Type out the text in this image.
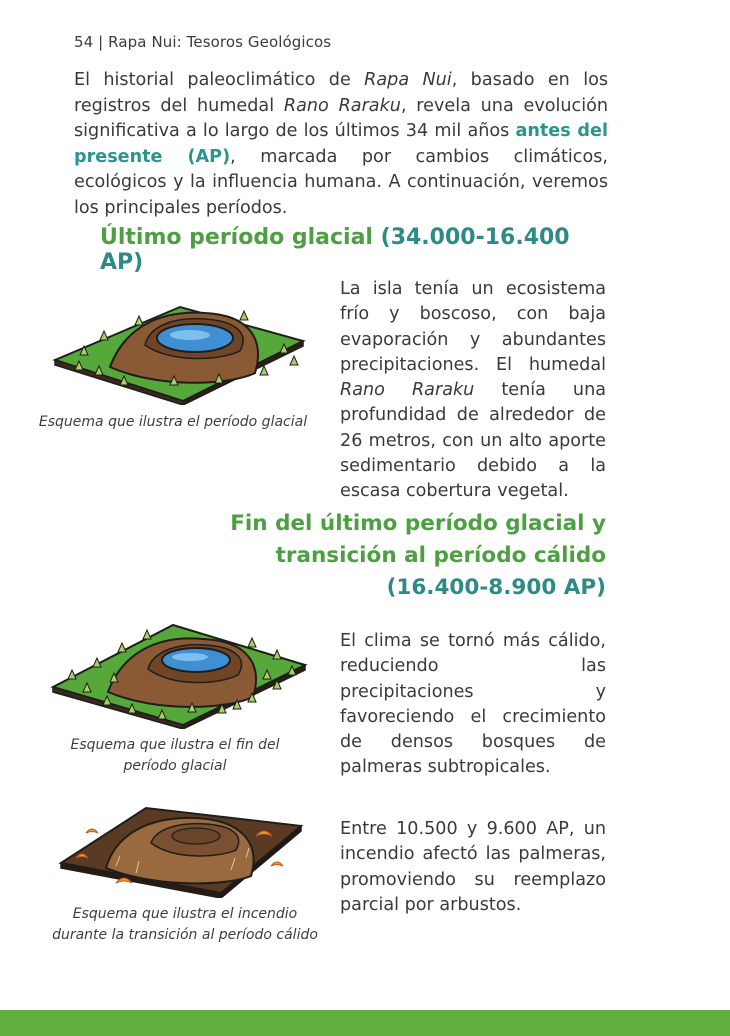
54 | Rapa Nui: Tesoros Geológicos
El historial paleoclimático de Rapa Nui, basado en los registros del humedal Rano Raraku, revela una evolución significativa a lo largo de los últimos 34 mil años antes del presente (AP), marcada por cambios climáticos, ecológicos y la influencia humana. A continuación, veremos los principales períodos.
Último período glacial (34.000-16.400 AP)
Esquema que ilustra el período glacial
La isla tenía un ecosistema frío y boscoso, con baja evaporación y abundantes precipitaciones. El humedal Rano Raraku tenía una profundidad de alrededor de 26 metros, con un alto aporte sedimentario debido a la escasa cobertura vegetal.
Fin del último período glacial y
transición al período cálido
(16.400-8.900 AP)
Esquema que ilustra el fin del
período glacial
El clima se tornó más cálido, reduciendo las precipitaciones y favoreciendo el crecimiento de densos bosques de palmeras subtropicales.
Esquema que ilustra el incendio
durante la transición al período cálido
Entre 10.500 y 9.600 AP, un incendio afectó las palmeras, promoviendo su reemplazo parcial por arbustos.
